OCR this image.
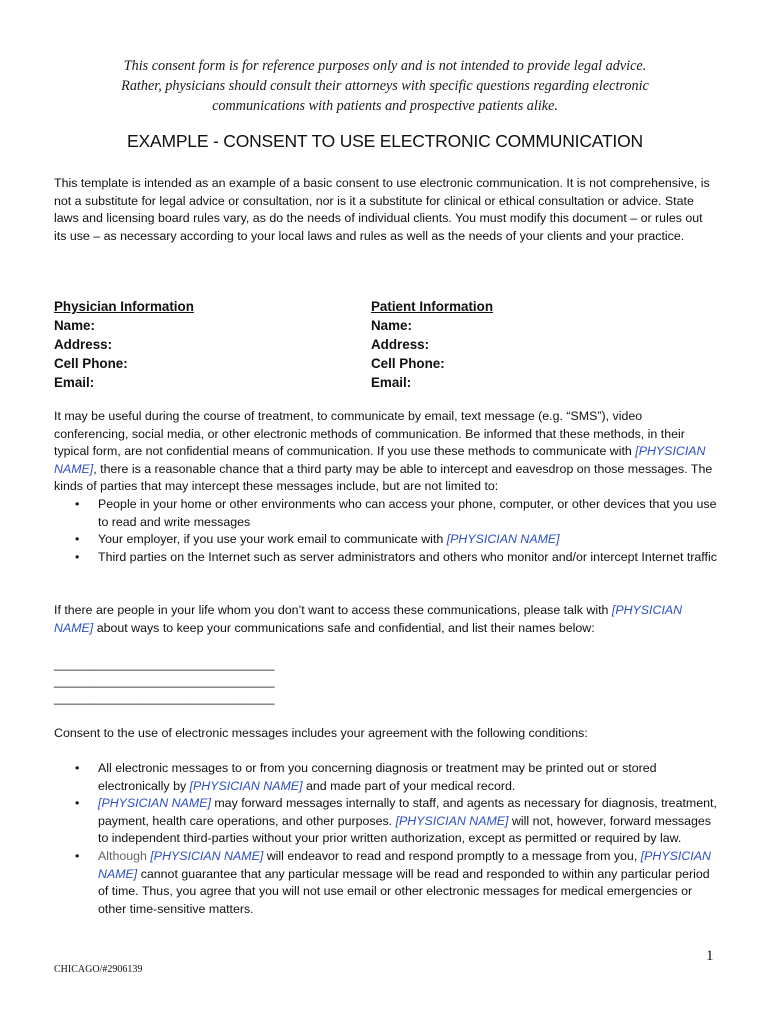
This consent form is for reference purposes only and is not intended to provide legal advice.
Rather, physicians should consult their attorneys with specific questions regarding electronic
communications with patients and prospective patients alike.
EXAMPLE - CONSENT TO USE ELECTRONIC COMMUNICATION
This template is intended as an example of a basic consent to use electronic communication. It is not comprehensive, is not a substitute for legal advice or consultation, nor is it a substitute for clinical or ethical consultation or advice. State laws and licensing board rules vary, as do the needs of individual clients. You must modify this document – or rules out its use – as necessary according to your local laws and rules as well as the needs of your clients and your practice.
Physician Information
Name:
Address:
Cell Phone:
Email:
Patient Information
Name:
Address:
Cell Phone:
Email:
It may be useful during the course of treatment, to communicate by email, text message (e.g. “SMS”), video conferencing, social media, or other electronic methods of communication. Be informed that these methods, in their typical form, are not confidential means of communication. If you use these methods to communicate with [PHYSICIAN NAME], there is a reasonable chance that a third party may be able to intercept and eavesdrop on those messages. The kinds of parties that may intercept these messages include, but are not limited to:
• People in your home or other environments who can access your phone, computer, or other devices that you use to read and write messages
• Your employer, if you use your work email to communicate with [PHYSICIAN NAME]
• Third parties on the Internet such as server administrators and others who monitor and/or intercept Internet traffic
If there are people in your life whom you don’t want to access these communications, please talk with [PHYSICIAN NAME] about ways to keep your communications safe and confidential, and list their names below:
________________________________
________________________________
________________________________
Consent to the use of electronic messages includes your agreement with the following conditions:
• All electronic messages to or from you concerning diagnosis or treatment may be printed out or stored electronically by [PHYSICIAN NAME] and made part of your medical record.
• [PHYSICIAN NAME] may forward messages internally to staff, and agents as necessary for diagnosis, treatment, payment, health care operations, and other purposes. [PHYSICIAN NAME] will not, however, forward messages to independent third-parties without your prior written authorization, except as permitted or required by law.
• Although [PHYSICIAN NAME] will endeavor to read and respond promptly to a message from you, [PHYSICIAN NAME] cannot guarantee that any particular message will be read and responded to within any particular period of time. Thus, you agree that you will not use email or other electronic messages for medical emergencies or other time-sensitive matters.
1
CHICAGO/#2906139
